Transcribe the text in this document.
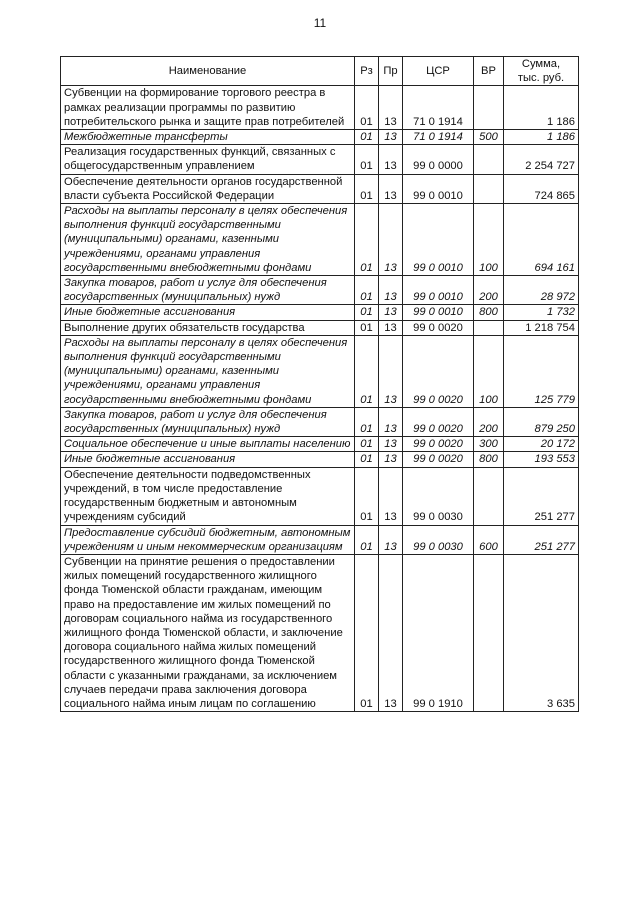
11
Наименование	Рз	Пр	ЦСР	ВР	Сумма,
тыс. руб.
Субвенции на формирование торгового реестра в рамках реализации программы по развитию потребительского рынка и защите прав потребителей	01	13	71 0 1914		1 186
Межбюджетные трансферты	01	13	71 0 1914	500	1 186
Реализация государственных функций, связанных с общегосударственным управлением	01	13	99 0 0000		2 254 727
Обеспечение деятельности органов государственной власти субъекта Российской Федерации	01	13	99 0 0010		724 865
Расходы на выплаты персоналу в целях обеспечения выполнения функций государственными (муниципальными) органами, казенными учреждениями, органами управления государственными внебюджетными фондами	01	13	99 0 0010	100	694 161
Закупка товаров, работ и услуг для обеспечения государственных (муниципальных) нужд	01	13	99 0 0010	200	28 972
Иные бюджетные ассигнования	01	13	99 0 0010	800	1 732
Выполнение других обязательств государства	01	13	99 0 0020		1 218 754
Расходы на выплаты персоналу в целях обеспечения выполнения функций государственными (муниципальными) органами, казенными учреждениями, органами управления государственными внебюджетными фондами	01	13	99 0 0020	100	125 779
Закупка товаров, работ и услуг для обеспечения государственных (муниципальных) нужд	01	13	99 0 0020	200	879 250
Социальное обеспечение и иные выплаты населению	01	13	99 0 0020	300	20 172
Иные бюджетные ассигнования	01	13	99 0 0020	800	193 553
Обеспечение деятельности подведомственных учреждений, в том числе предоставление государственным бюджетным и автономным учреждениям субсидий	01	13	99 0 0030		251 277
Предоставление субсидий бюджетным, автономным учреждениям и иным некоммерческим организациям	01	13	99 0 0030	600	251 277
Субвенции на принятие решения о предоставлении жилых помещений государственного жилищного фонда Тюменской области гражданам, имеющим право на предоставление им жилых помещений по договорам социального найма из государственного жилищного фонда Тюменской области, и заключение договора социального найма жилых помещений государственного жилищного фонда Тюменской области с указанными гражданами, за исключением случаев передачи права заключения договора социального найма иным лицам по соглашению	01	13	99 0 1910		3 635
